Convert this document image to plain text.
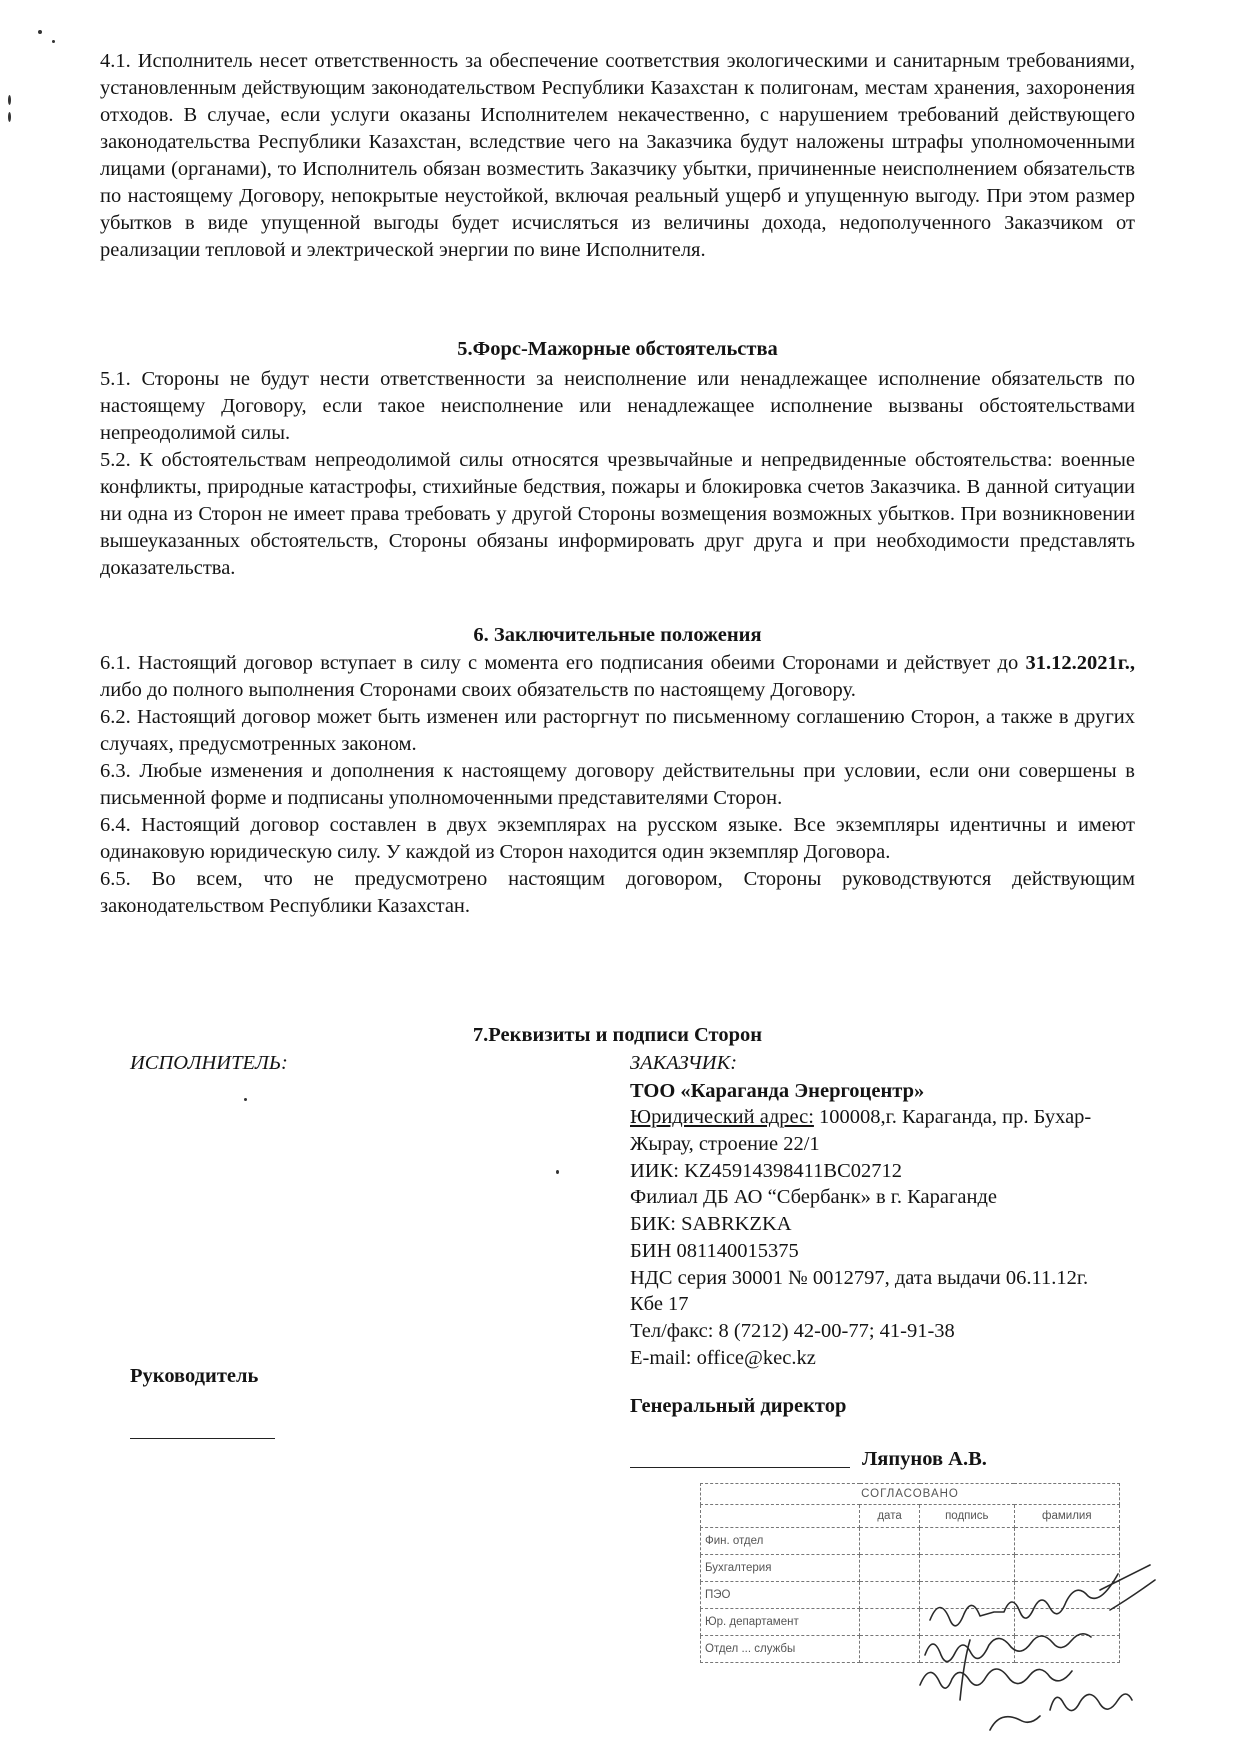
4.1. Исполнитель несет ответственность за обеспечение соответствия экологическими и санитарным требованиями, установленным действующим законодательством Республики Казахстан к полигонам, местам хранения, захоронения отходов. В случае, если услуги оказаны Исполнителем некачественно, с нарушением требований действующего законодательства Республики Казахстан, вследствие чего на Заказчика будут наложены штрафы уполномоченными лицами (органами), то Исполнитель обязан возместить Заказчику убытки, причиненные неисполнением обязательств по настоящему Договору, непокрытые неустойкой, включая реальный ущерб и упущенную выгоду. При этом размер убытков в виде упущенной выгоды будет исчисляться из величины дохода, недополученного Заказчиком от реализации тепловой и электрической энергии по вине Исполнителя.

5.Форс-Мажорные обстоятельства

5.1. Стороны не будут нести ответственности за неисполнение или ненадлежащее исполнение обязательств по настоящему Договору, если такое неисполнение или ненадлежащее исполнение вызваны обстоятельствами непреодолимой силы.

5.2. К обстоятельствам непреодолимой силы относятся чрезвычайные и непредвиденные обстоятельства: военные конфликты, природные катастрофы, стихийные бедствия, пожары и блокировка счетов Заказчика. В данной ситуации ни одна из Сторон не имеет права требовать у другой Стороны возмещения возможных убытков. При возникновении вышеуказанных обстоятельств, Стороны обязаны информировать друг друга и при необходимости представлять доказательства.

6. Заключительные положения

6.1. Настоящий договор вступает в силу с момента его подписания обеими Сторонами и действует до 31.12.2021г., либо до полного выполнения Сторонами своих обязательств по настоящему Договору.

6.2. Настоящий договор может быть изменен или расторгнут по письменному соглашению Сторон, а также в других случаях, предусмотренных законом.

6.3. Любые изменения и дополнения к настоящему договору действительны при условии, если они совершены в письменной форме и подписаны уполномоченными представителями Сторон.

6.4. Настоящий договор составлен в двух экземплярах на русском языке. Все экземпляры идентичны и имеют одинаковую юридическую силу. У каждой из Сторон находится один экземпляр Договора.

6.5. Во всем, что не предусмотрено настоящим договором, Стороны руководствуются действующим законодательством Республики Казахстан.

7.Реквизиты и подписи Сторон

ИСПОЛНИТЕЛЬ:
Руководитель
ЗАКАЗЧИК:
ТОО «Караганда Энергоцентр»
Юридический адрес: 100008,г. Караганда, пр. Бухар-
Жырау, строение 22/1
ИИК: KZ45914398411BC02712
Филиал ДБ АО “Сбербанк» в г. Караганде
БИК: SABRKZKA
БИН 081140015375
НДС серия 30001 № 0012797, дата выдачи 06.11.12г.
Кбе 17
Тел/факс: 8 (7212) 42-00-77; 41-91-38
E-mail: office@kec.kz
Генеральный директор
Ляпунов А.В.
СОГЛАСОВАНО			
	дата	подпись	фамилия
Фин. отдел			
Бухгалтерия			
ПЭО			
Юр. департамент			
Отдел ... службы			
